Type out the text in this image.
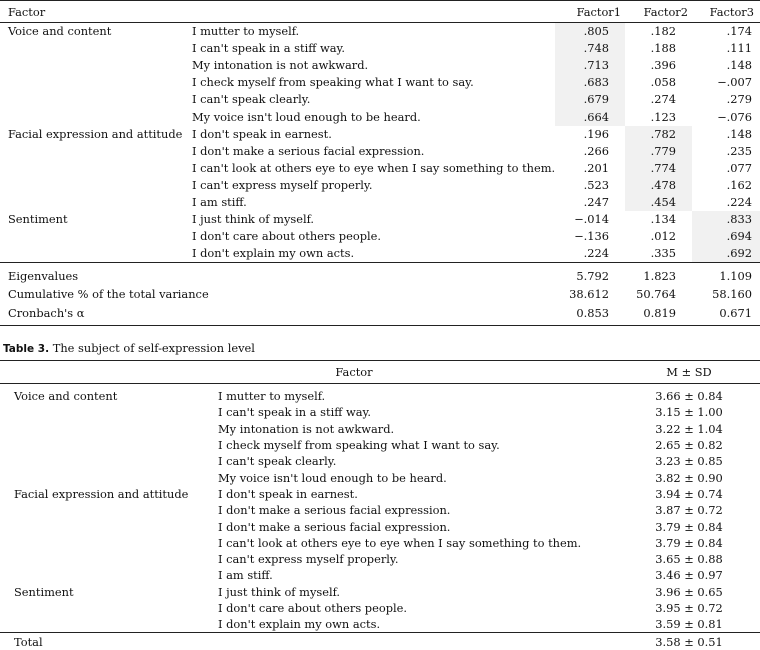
Factor		Factor1	Factor2	Factor3
Voice and content	I mutter to myself.	.805	.182	.174
	I can't speak in a stiff way.	.748	.188	.111
	My intonation is not awkward.	.713	.396	.148
	I check myself from speaking what I want to say.	.683	.058	−.007
	I can't speak clearly.	.679	.274	.279
	My voice isn't loud enough to be heard.	.664	.123	−.076
Facial expression and attitude	I don't speak in earnest.	.196	.782	.148
	I don't make a serious facial expression.	.266	.779	.235
	I can't look at others eye to eye when I say something to them.	.201	.774	.077
	I can't express myself properly.	.523	.478	.162
	I am stiff.	.247	.454	.224
Sentiment	I just think of myself.	−.014	.134	.833
	I don't care about others people.	−.136	.012	.694
	I don't explain my own acts.	.224	.335	.692
Eigenvalues		5.792	1.823	1.109
Cumulative % of the total variance		38.612	50.764	58.160
Cronbach's α		0.853	0.819	0.671
Table 3. The subject of self-expression level
Factor		M ± SD
Voice and content	I mutter to myself.	3.66 ± 0.84
	I can't speak in a stiff way.	3.15 ± 1.00
	My intonation is not awkward.	3.22 ± 1.04
	I check myself from speaking what I want to say.	2.65 ± 0.82
	I can't speak clearly.	3.23 ± 0.85
	My voice isn't loud enough to be heard.	3.82 ± 0.90
Facial expression and attitude	I don't speak in earnest.	3.94 ± 0.74
	I don't make a serious facial expression.	3.87 ± 0.72
	I don't make a serious facial expression.	3.79 ± 0.84
	I can't look at others eye to eye when I say something to them.	3.79 ± 0.84
	I can't express myself properly.	3.65 ± 0.88
	I am stiff.	3.46 ± 0.97
Sentiment	I just think of myself.	3.96 ± 0.65
	I don't care about others people.	3.95 ± 0.72
	I don't explain my own acts.	3.59 ± 0.81
Total		3.58 ± 0.51
